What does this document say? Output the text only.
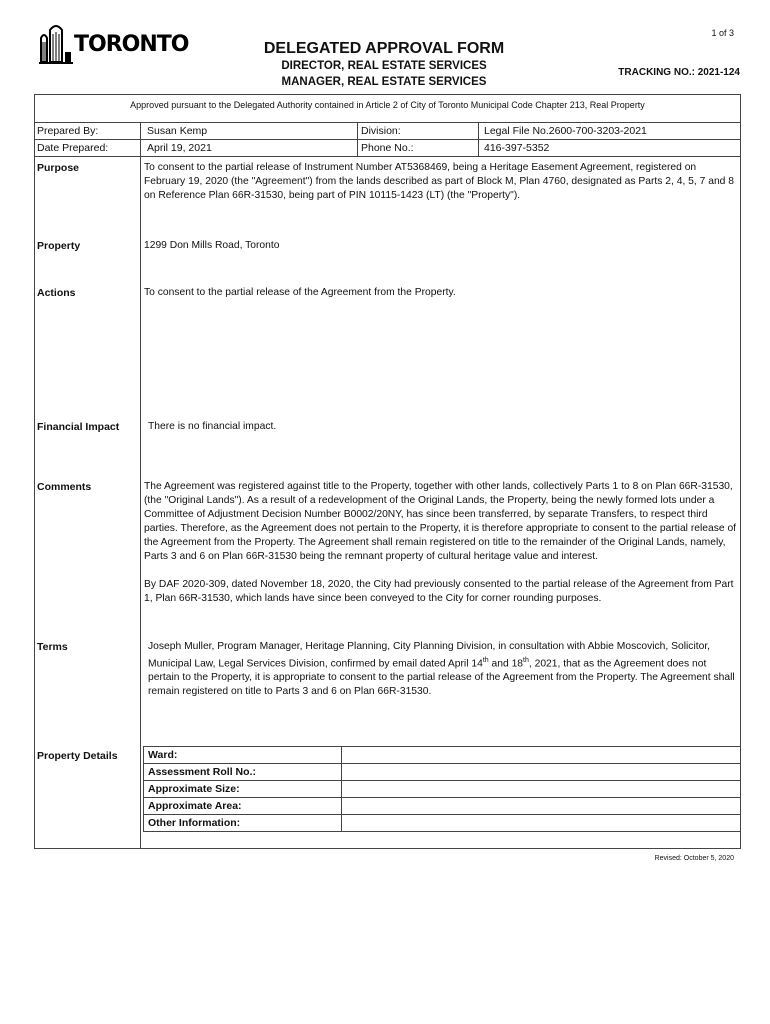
1 of 3
TORONTO	DELEGATED APPROVAL FORM
DIRECTOR, REAL ESTATE SERVICES
MANAGER, REAL ESTATE SERVICES
TRACKING NO.: 2021-124
Approved pursuant to the Delegated Authority contained in Article 2 of City of Toronto Municipal Code Chapter 213, Real Property
Prepared By:	Susan Kemp	Division:	Legal File No.2600-700-3203-2021
Date Prepared:	April 19, 2021	Phone No.:	416-397-5352
Purpose	To consent to the partial release of Instrument Number AT5368469, being a Heritage Easement Agreement, registered on February 19, 2020 (the "Agreement") from the lands described as part of Block M, Plan 4760, designated as Parts 2, 4, 5, 7 and 8 on Reference Plan 66R-31530, being part of PIN 10115-1423 (LT) (the "Property").
Property	1299 Don Mills Road, Toronto
Actions	To consent to the partial release of the Agreement from the Property.
Financial Impact	There is no financial impact.
Comments	The Agreement was registered against title to the Property, together with other lands, collectively Parts 1 to 8 on Plan 66R-31530, (the "Original Lands"). As a result of a redevelopment of the Original Lands, the Property, being the newly formed lots under a Committee of Adjustment Decision Number B0002/20NY, has since been transferred, by separate Transfers, to respect third parties. Therefore, as the Agreement does not pertain to the Property, it is therefore appropriate to consent to the partial release of the Agreement from the Property. The Agreement shall remain registered on title to the remainder of the Original Lands, namely, Parts 3 and 6 on Plan 66R-31530 being the remnant property of cultural heritage value and interest.
By DAF 2020-309, dated November 18, 2020, the City had previously consented to the partial release of the Agreement from Part 1, Plan 66R-31530, which lands have since been conveyed to the City for corner rounding purposes.
Terms	Joseph Muller, Program Manager, Heritage Planning, City Planning Division, in consultation with Abbie Moscovich, Solicitor, Municipal Law, Legal Services Division, confirmed by email dated April 14th and 18th, 2021, that as the Agreement does not pertain to the Property, it is appropriate to consent to the partial release of the Agreement from the Property. The Agreement shall remain registered on title to Parts 3 and 6 on Plan 66R-31530.
Property Details	Ward:	
Assessment Roll No.:	
Approximate Size:	
Approximate Area:	
Other Information:	
Revised: October 5, 2020
